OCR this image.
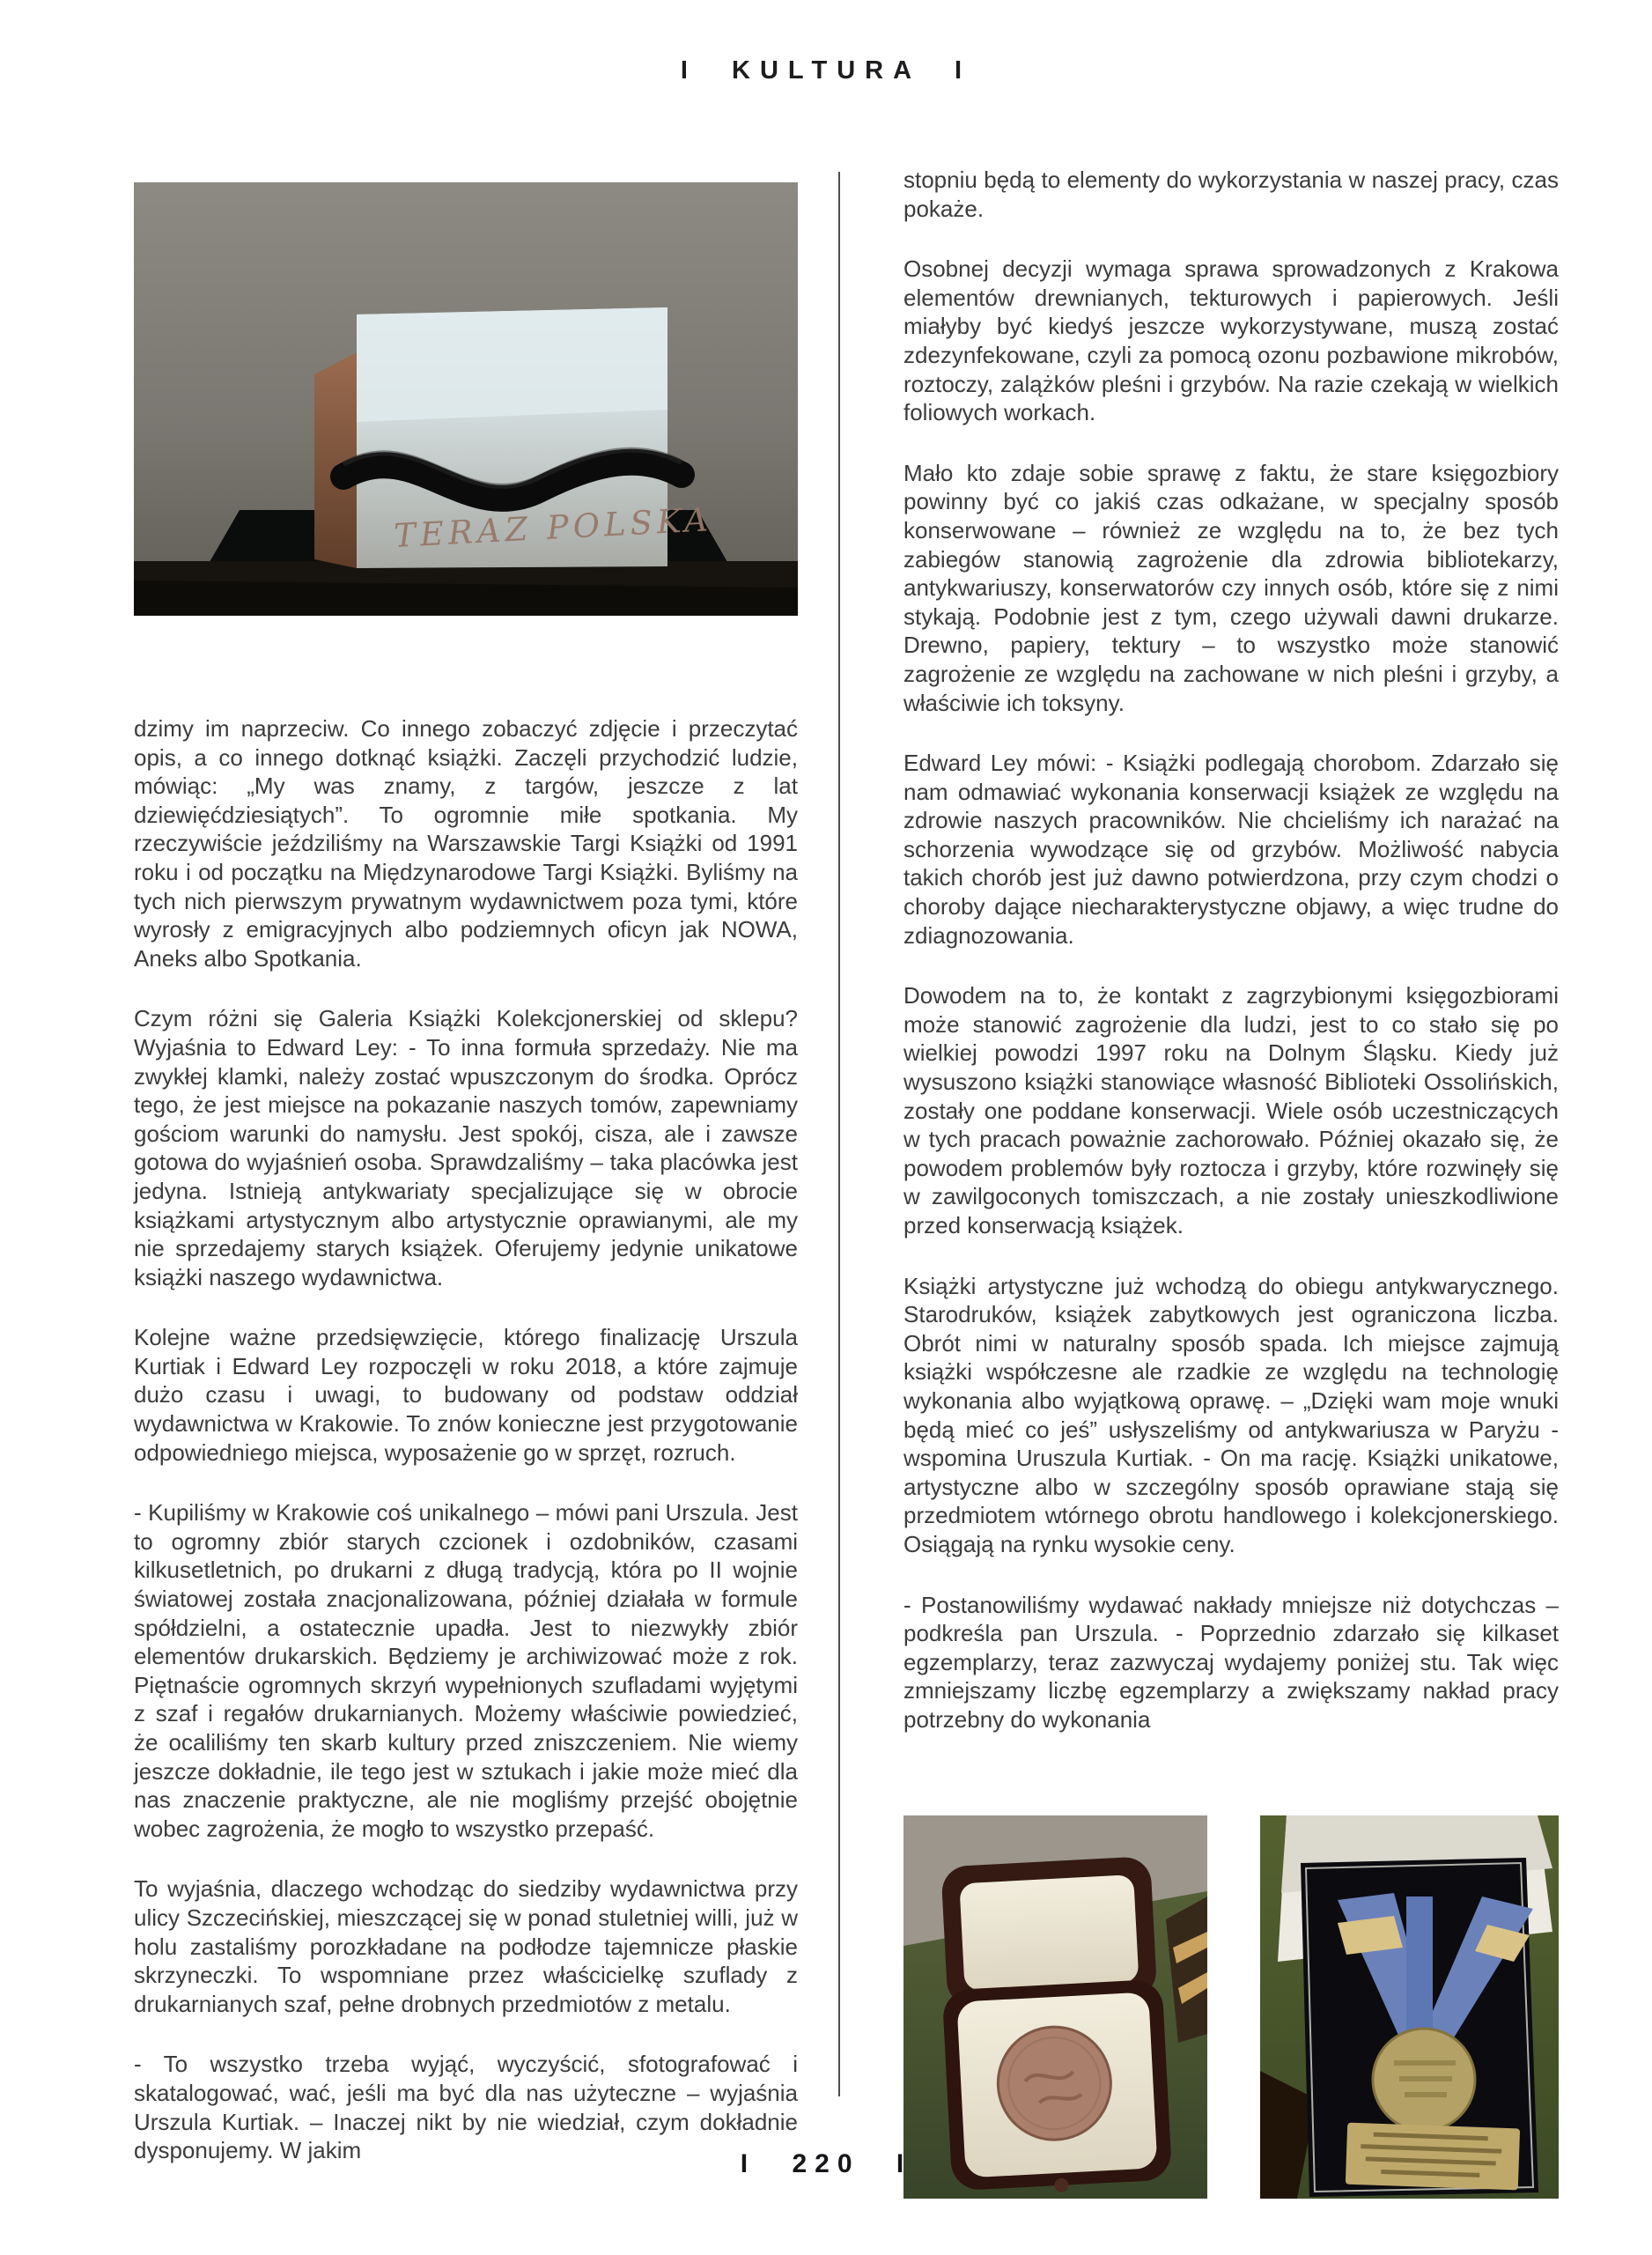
I KULTURA I
TERAZ POLSKA

dzimy im naprzeciw. Co innego zobaczyć zdjęcie i przeczytać opis, a co innego dotknąć książki. Zaczęli przychodzić ludzie, mówiąc: „My was znamy, z targów, jeszcze z lat dziewięćdziesiątych”. To ogromnie miłe spotkania. My rzeczywiście jeździliśmy na Warszawskie Targi Książki od 1991 roku i od początku na Międzynarodowe Targi Książki. Byliśmy na tych nich pierwszym prywatnym wydawnictwem poza tymi, które wyrosły z emigracyjnych albo podziemnych oficyn jak NOWA, Aneks albo Spotkania.

Czym różni się Galeria Książki Kolekcjonerskiej od sklepu? Wyjaśnia to Edward Ley: - To inna formuła sprzedaży. Nie ma zwykłej klamki, należy zostać wpuszczonym do środka. Oprócz tego, że jest miejsce na pokazanie naszych tomów, zapewniamy gościom warunki do namysłu. Jest spokój, cisza, ale i zawsze gotowa do wyjaśnień osoba. Sprawdzaliśmy – taka placówka jest jedyna. Istnieją antykwariaty specjalizujące się w obrocie książkami artystycznym albo artystycznie oprawianymi, ale my nie sprzedajemy starych książek. Oferujemy jedynie unikatowe książki naszego wydawnictwa.

Kolejne ważne przedsięwzięcie, którego finalizację Urszula Kurtiak i Edward Ley rozpoczęli w roku 2018, a które zajmuje dużo czasu i uwagi, to budowany od podstaw oddział wydawnictwa w Krakowie. To znów konieczne jest przygotowanie odpowiedniego miejsca, wyposażenie go w sprzęt, rozruch.

- Kupiliśmy w Krakowie coś unikalnego – mówi pani Urszula. Jest to ogromny zbiór starych czcionek i ozdobników, czasami kilkusetletnich, po drukarni z długą tradycją, która po II wojnie światowej została znacjonalizowana, później działała w formule spółdzielni, a ostatecznie upadła. Jest to niezwykły zbiór elementów drukarskich. Będziemy je archiwizować może z rok. Piętnaście ogromnych skrzyń wypełnionych szufladami wyjętymi z szaf i regałów drukarnianych. Możemy właściwie powiedzieć, że ocaliliśmy ten skarb kultury przed zniszczeniem. Nie wiemy jeszcze dokładnie, ile tego jest w sztukach i jakie może mieć dla nas znaczenie praktyczne, ale nie mogliśmy przejść obojętnie wobec zagrożenia, że mogło to wszystko przepaść.

To wyjaśnia, dlaczego wchodząc do siedziby wydawnictwa przy ulicy Szczecińskiej, mieszczącej się w ponad stuletniej willi, już w holu zastaliśmy porozkładane na podłodze tajemnicze płaskie skrzyneczki. To wspomniane przez właścicielkę szuflady z drukarnianych szaf, pełne drobnych przedmiotów z metalu.

- To wszystko trzeba wyjąć, wyczyścić, sfotografować i skatalogować, wać, jeśli ma być dla nas użyteczne – wyjaśnia Urszula Kurtiak. – Inaczej nikt by nie wiedział, czym dokładnie dysponujemy. W jakim

stopniu będą to elementy do wykorzystania w naszej pracy, czas pokaże.

Osobnej decyzji wymaga sprawa sprowadzonych z Krakowa elementów drewnianych, tekturowych i papierowych. Jeśli miałyby być kiedyś jeszcze wykorzystywane, muszą zostać zdezynfekowane, czyli za pomocą ozonu pozbawione mikrobów, roztoczy, zalążków pleśni i grzybów. Na razie czekają w wielkich foliowych workach.

Mało kto zdaje sobie sprawę z faktu, że stare księgozbiory powinny być co jakiś czas odkażane, w specjalny sposób konserwowane – również ze względu na to, że bez tych zabiegów stanowią zagrożenie dla zdrowia bibliotekarzy, antykwariuszy, konserwatorów czy innych osób, które się z nimi stykają. Podobnie jest z tym, czego używali dawni drukarze. Drewno, papiery, tektury – to wszystko może stanowić zagrożenie ze względu na zachowane w nich pleśni i grzyby, a właściwie ich toksyny.

Edward Ley mówi: - Książki podlegają chorobom. Zdarzało się nam odmawiać wykonania konserwacji książek ze względu na zdrowie naszych pracowników. Nie chcieliśmy ich narażać na schorzenia wywodzące się od grzybów. Możliwość nabycia takich chorób jest już dawno potwierdzona, przy czym chodzi o choroby dające niecharakterystyczne objawy, a więc trudne do zdiagnozowania.

Dowodem na to, że kontakt z zagrzybionymi księgozbiorami może stanowić zagrożenie dla ludzi, jest to co stało się po wielkiej powodzi 1997 roku na Dolnym Śląsku. Kiedy już wysuszono książki stanowiące własność Biblioteki Ossolińskich, zostały one poddane konserwacji. Wiele osób uczestniczących w tych pracach poważnie zachorowało. Później okazało się, że powodem problemów były roztocza i grzyby, które rozwinęły się w zawilgoconych tomiszczach, a nie zostały unieszkodliwione przed konserwacją książek.

Książki artystyczne już wchodzą do obiegu antykwarycznego. Starodruków, książek zabytkowych jest ograniczona liczba. Obrót nimi w naturalny sposób spada. Ich miejsce zajmują książki współczesne ale rzadkie ze względu na technologię wykonania albo wyjątkową oprawę. – „Dzięki wam moje wnuki będą mieć co jeś” usłyszeliśmy od antykwariusza w Paryżu - wspomina Uruszula Kurtiak. - On ma rację. Książki unikatowe, artystyczne albo w szczególny sposób oprawiane stają się przedmiotem wtórnego obrotu handlowego i kolekcjonerskiego. Osiągają na rynku wysokie ceny.

- Postanowiliśmy wydawać nakłady mniejsze niż dotychczas – podkreśla pan Urszula. - Poprzednio zdarzało się kilkaset egzemplarzy, teraz zazwyczaj wydajemy poniżej stu. Tak więc zmniejszamy liczbę egzemplarzy a zwiększamy nakład pracy potrzebny do wykonania

I 220 I
